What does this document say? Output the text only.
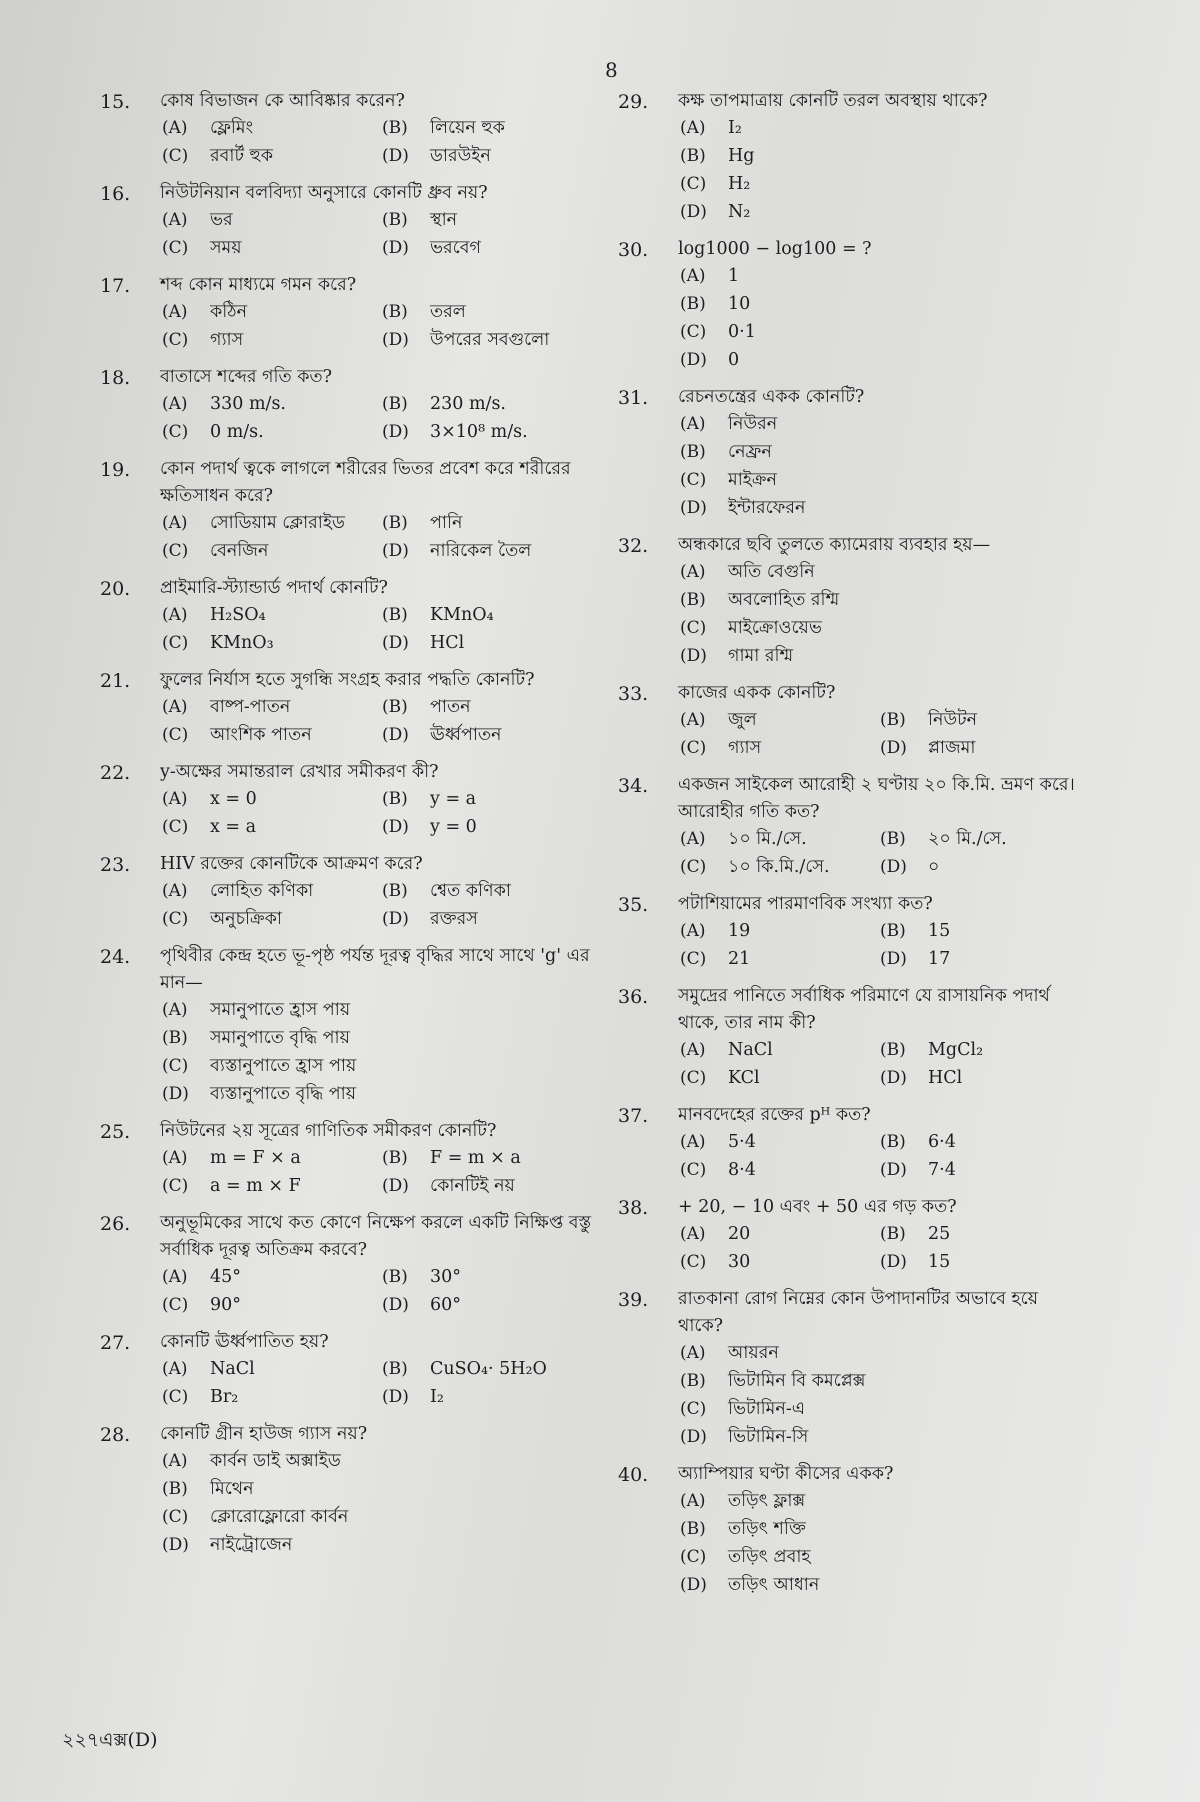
8
15. কোষ বিভাজন কে আবিষ্কার করেন?
(A) ফ্লেমিং	(B) লিয়েন হুক
(C) রবার্ট হুক	(D) ডারউইন
16. নিউটনিয়ান বলবিদ্যা অনুসারে কোনটি ধ্রুব নয়?
(A) ভর	(B) স্থান
(C) সময়	(D) ভরবেগ
17. শব্দ কোন মাধ্যমে গমন করে?
(A) কঠিন	(B) তরল
(C) গ্যাস	(D) উপরের সবগুলো
18. বাতাসে শব্দের গতি কত?
(A) 330 m/s.	(B) 230 m/s.
(C) 0 m/s.	(D) 3×10⁸ m/s.
19. কোন পদার্থ ত্বকে লাগলে শরীরের ভিতর প্রবেশ করে শরীরের ক্ষতিসাধন করে?
(A) সোডিয়াম ক্লোরাইড	(B) পানি
(C) বেনজিন	(D) নারিকেল তৈল
20. প্রাইমারি-স্ট্যান্ডার্ড পদার্থ কোনটি?
(A) H₂SO₄	(B) KMnO₄
(C) KMnO₃	(D) HCl
21. ফুলের নির্যাস হতে সুগন্ধি সংগ্রহ করার পদ্ধতি কোনটি?
(A) বাষ্প-পাতন	(B) পাতন
(C) আংশিক পাতন	(D) ঊর্ধ্বপাতন
22. y-অক্ষের সমান্তরাল রেখার সমীকরণ কী?
(A) x = 0	(B) y = a
(C) x = a	(D) y = 0
23. HIV রক্তের কোনটিকে আক্রমণ করে?
(A) লোহিত কণিকা	(B) শ্বেত কণিকা
(C) অনুচক্রিকা	(D) রক্তরস
24. পৃথিবীর কেন্দ্র হতে ভূ-পৃষ্ঠ পর্যন্ত দূরত্ব বৃদ্ধির সাথে সাথে 'g' এর মান—
(A) সমানুপাতে হ্রাস পায়
(B) সমানুপাতে বৃদ্ধি পায়
(C) ব্যস্তানুপাতে হ্রাস পায়
(D) ব্যস্তানুপাতে বৃদ্ধি পায়
25. নিউটনের ২য় সূত্রের গাণিতিক সমীকরণ কোনটি?
(A) m = F × a	(B) F = m × a
(C) a = m × F	(D) কোনটিই নয়
26. অনুভূমিকের সাথে কত কোণে নিক্ষেপ করলে একটি নিক্ষিপ্ত বস্তু সর্বাধিক দূরত্ব অতিক্রম করবে?
(A) 45°	(B) 30°
(C) 90°	(D) 60°
27. কোনটি ঊর্ধ্বপাতিত হয়?
(A) NaCl	(B) CuSO₄· 5H₂O
(C) Br₂	(D) I₂
28. কোনটি গ্রীন হাউজ গ্যাস নয়?
(A) কার্বন ডাই অক্সাইড
(B) মিথেন
(C) ক্লোরোফ্লোরো কার্বন
(D) নাইট্রোজেন
29. কক্ষ তাপমাত্রায় কোনটি তরল অবস্থায় থাকে?
(A) I₂
(B) Hg
(C) H₂
(D) N₂
30. log1000 − log100 = ?
(A) 1
(B) 10
(C) 0·1
(D) 0
31. রেচনতন্ত্রের একক কোনটি?
(A) নিউরন
(B) নেফ্রন
(C) মাইক্রন
(D) ইন্টারফেরন
32. অন্ধকারে ছবি তুলতে ক্যামেরায় ব্যবহার হয়—
(A) অতি বেগুনি
(B) অবলোহিত রশ্মি
(C) মাইক্রোওয়েভ
(D) গামা রশ্মি
33. কাজের একক কোনটি?
(A) জুল	(B) নিউটন
(C) গ্যাস	(D) প্লাজমা
34. একজন সাইকেল আরোহী ২ ঘণ্টায় ২০ কি.মি. ভ্রমণ করে। আরোহীর গতি কত?
(A) ১০ মি./সে.	(B) ২০ মি./সে.
(C) ১০ কি.মি./সে.	(D) ০
35. পটাশিয়ামের পারমাণবিক সংখ্যা কত?
(A) 19	(B) 15
(C) 21	(D) 17
36. সমুদ্রের পানিতে সর্বাধিক পরিমাণে যে রাসায়নিক পদার্থ থাকে, তার নাম কী?
(A) NaCl	(B) MgCl₂
(C) KCl	(D) HCl
37. মানবদেহের রক্তের pᴴ কত?
(A) 5·4	(B) 6·4
(C) 8·4	(D) 7·4
38. + 20, − 10 এবং + 50 এর গড় কত?
(A) 20	(B) 25
(C) 30	(D) 15
39. রাতকানা রোগ নিম্নের কোন উপাদানটির অভাবে হয়ে থাকে?
(A) আয়রন
(B) ভিটামিন বি কমপ্লেক্স
(C) ভিটামিন-এ
(D) ভিটামিন-সি
40. অ্যাম্পিয়ার ঘণ্টা কীসের একক?
(A) তড়িৎ ফ্লাক্স
(B) তড়িৎ শক্তি
(C) তড়িৎ প্রবাহ
(D) তড়িৎ আধান
২২৭এক্স(D)
